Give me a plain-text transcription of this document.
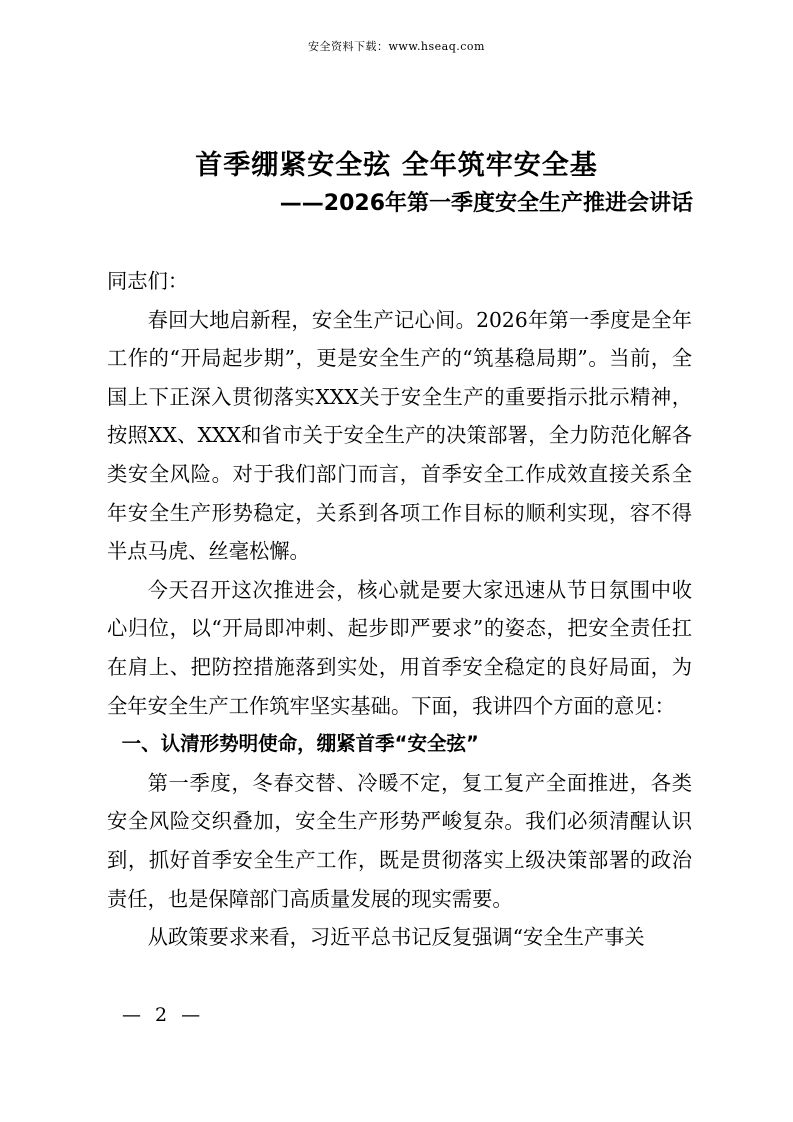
安全资料下载：www.hseaq.com
首季绷紧安全弦 全年筑牢安全基
——2026年第一季度安全生产推进会讲话

同志们：

春回大地启新程，安全生产记心间。2026年第一季度是全年工作的“开局起步期”，更是安全生产的“筑基稳局期”。当前，全国上下正深入贯彻落实XXX关于安全生产的重要指示批示精神，按照XX、XXX和省市关于安全生产的决策部署，全力防范化解各类安全风险。对于我们部门而言，首季安全工作成效直接关系全年安全生产形势稳定，关系到各项工作目标的顺利实现，容不得半点马虎、丝毫松懈。

今天召开这次推进会，核心就是要大家迅速从节日氛围中收心归位，以“开局即冲刺、起步即严要求”的姿态，把安全责任扛在肩上、把防控措施落到实处，用首季安全稳定的良好局面，为全年安全生产工作筑牢坚实基础。下面，我讲四个方面的意见：

一、认清形势明使命，绷紧首季“安全弦”

第一季度，冬春交替、冷暖不定，复工复产全面推进，各类安全风险交织叠加，安全生产形势严峻复杂。我们必须清醒认识到，抓好首季安全生产工作，既是贯彻落实上级决策部署的政治责任，也是保障部门高质量发展的现实需要。

从政策要求来看，习近平总书记反复强调“安全生产事关

— 2 —
